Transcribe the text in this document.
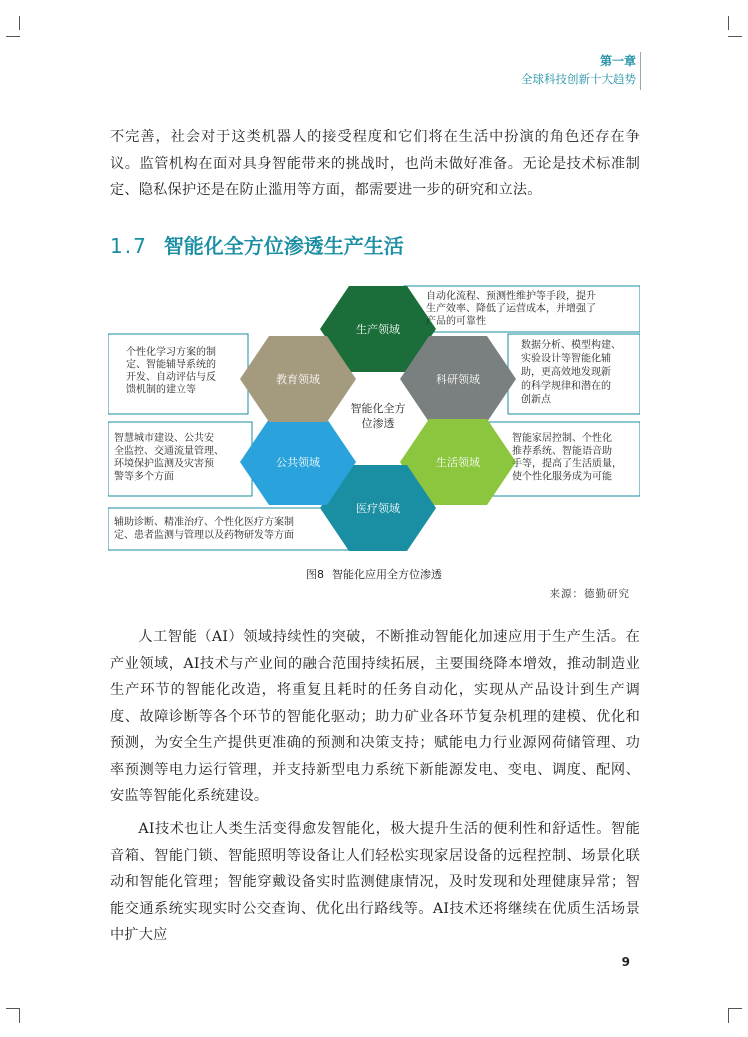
第一章
全球科技创新十大趋势

不完善，社会对于这类机器人的接受程度和它们将在生活中扮演的角色还存在争议。监管机构在面对具身智能带来的挑战时，也尚未做好准备。无论是技术标准制定、隐私保护还是在防止滥用等方面，都需要进一步的研究和立法。

1.7 智能化全方位渗透生产生活
生产领域
科研领域
生活领域
医疗领域
公共领域
教育领域
智能化全方
位渗透
自动化流程、预测性维护等手段，提升生产效率、降低了运营成本，并增强了产品的可靠性
数据分析、模型构建、实验设计等智能化辅助，更高效地发现新的科学规律和潜在的创新点
智能家居控制、个性化推荐系统、智能语音助手等，提高了生活质量，使个性化服务成为可能
辅助诊断、精准治疗、个性化医疗方案制定、患者监测与管理以及药物研发等方面
智慧城市建设、公共安全监控、交通流量管理、环境保护监测及灾害预警等多个方面
个性化学习方案的制定、智能辅导系统的开发、自动评估与反馈机制的建立等
图8 智能化应用全方位渗透
来源：德勤研究

人工智能（AI）领域持续性的突破，不断推动智能化加速应用于生产生活。在产业领域，AI技术与产业间的融合范围持续拓展，主要围绕降本增效，推动制造业生产环节的智能化改造，将重复且耗时的任务自动化，实现从产品设计到生产调度、故障诊断等各个环节的智能化驱动；助力矿业各环节复杂机理的建模、优化和预测，为安全生产提供更准确的预测和决策支持；赋能电力行业源网荷储管理、功率预测等电力运行管理，并支持新型电力系统下新能源发电、变电、调度、配网、安监等智能化系统建设。

AI技术也让人类生活变得愈发智能化，极大提升生活的便利性和舒适性。智能音箱、智能门锁、智能照明等设备让人们轻松实现家居设备的远程控制、场景化联动和智能化管理；智能穿戴设备实时监测健康情况，及时发现和处理健康异常；智能交通系统实现实时公交查询、优化出行路线等。AI技术还将继续在优质生活场景中扩大应

9
